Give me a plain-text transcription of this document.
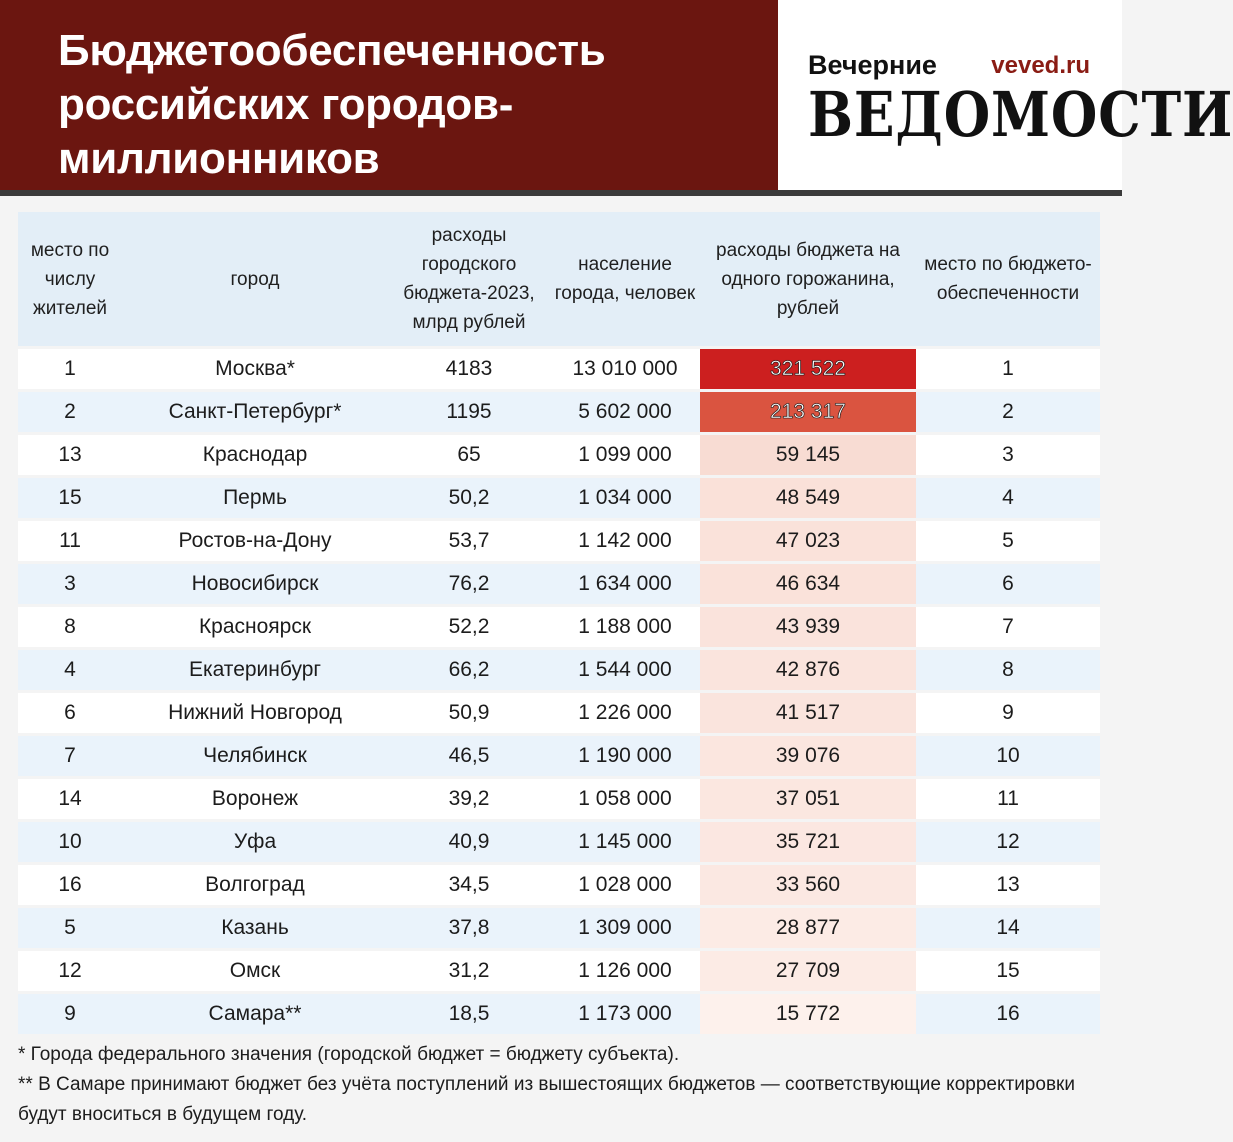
Бюджетообеспеченность
российских городов-
миллионников
Вечерние veved.ru
ВЕДОМОСТИ
место по числу жителей	город	расходы городского бюджета-2023, млрд рублей	население города, человек	расходы бюджета на одного горожанина, рублей	место по бюджето-обеспеченности
1	Москва*	4183	13 010 000	321 522	1
2	Санкт-Петербург*	1195	5 602 000	213 317	2
13	Краснодар	65	1 099 000	59 145	3
15	Пермь	50,2	1 034 000	48 549	4
11	Ростов-на-Дону	53,7	1 142 000	47 023	5
3	Новосибирск	76,2	1 634 000	46 634	6
8	Красноярск	52,2	1 188 000	43 939	7
4	Екатеринбург	66,2	1 544 000	42 876	8
6	Нижний Новгород	50,9	1 226 000	41 517	9
7	Челябинск	46,5	1 190 000	39 076	10
14	Воронеж	39,2	1 058 000	37 051	11
10	Уфа	40,9	1 145 000	35 721	12
16	Волгоград	34,5	1 028 000	33 560	13
5	Казань	37,8	1 309 000	28 877	14
12	Омск	31,2	1 126 000	27 709	15
9	Самара**	18,5	1 173 000	15 772	16

* Города федерального значения (городской бюджет = бюджету субъекта).

** В Самаре принимают бюджет без учёта поступлений из вышестоящих бюджетов — соответствующие корректировки будут вноситься в будущем году.
